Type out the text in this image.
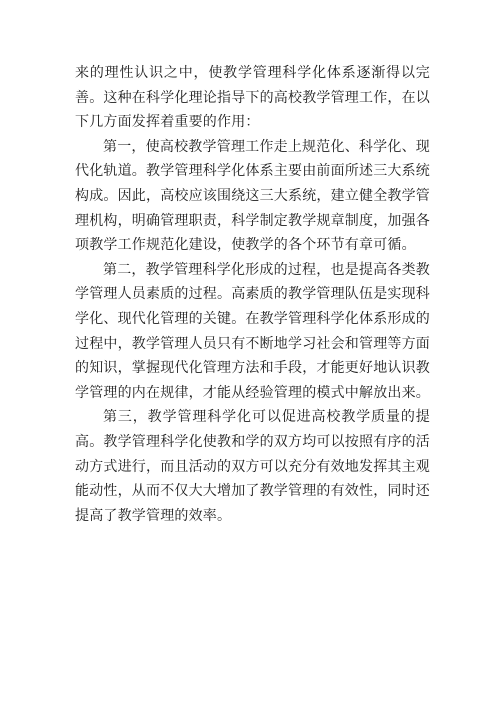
来的理性认识之中，使教学管理科学化体系逐渐得以完善。这种在科学化理论指导下的高校教学管理工作，在以下几方面发挥着重要的作用：

第一，使高校教学管理工作走上规范化、科学化、现代化轨道。教学管理科学化体系主要由前面所述三大系统构成。因此，高校应该围绕这三大系统，建立健全教学管理机构，明确管理职责，科学制定教学规章制度，加强各项教学工作规范化建设，使教学的各个环节有章可循。

第二，教学管理科学化形成的过程，也是提高各类教学管理人员素质的过程。高素质的教学管理队伍是实现科学化、现代化管理的关键。在教学管理科学化体系形成的过程中，教学管理人员只有不断地学习社会和管理等方面的知识，掌握现代化管理方法和手段，才能更好地认识教学管理的内在规律，才能从经验管理的模式中解放出来。

第三，教学管理科学化可以促进高校教学质量的提高。教学管理科学化使教和学的双方均可以按照有序的活动方式进行，而且活动的双方可以充分有效地发挥其主观能动性，从而不仅大大增加了教学管理的有效性，同时还提高了教学管理的效率。
